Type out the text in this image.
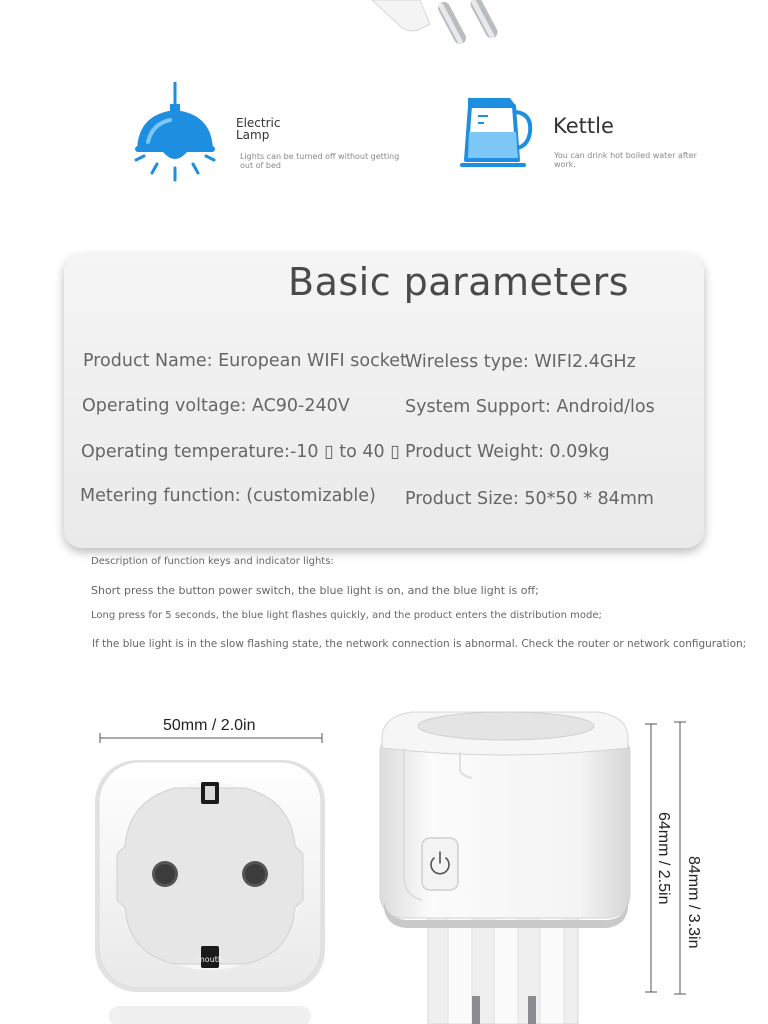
Electric
Lamp
Lights can be turned off without getting
out of bed
Kettle
You can drink hot boiled water after
work.
Basic parameters
Product Name: European WIFI socket
Operating voltage: AC90-240V
Operating temperature:-10 ▯ to 40 ▯
Metering function: (customizable)
Wireless type: WIFI2.4GHz
System Support: Android/los
Product Weight: 0.09kg
Product Size: 50*50 * 84mm
Description of function keys and indicator lights:
Short press the button power switch, the blue light is on, and the blue light is off;
Long press for 5 seconds, the blue light flashes quickly, and the product enters the distribution mode;
If the blue light is in the slow flashing state, the network connection is abnormal. Check the router or network configuration;
mouth
50mm / 2.0in
64mm / 2.5in 84mm / 3.3in
